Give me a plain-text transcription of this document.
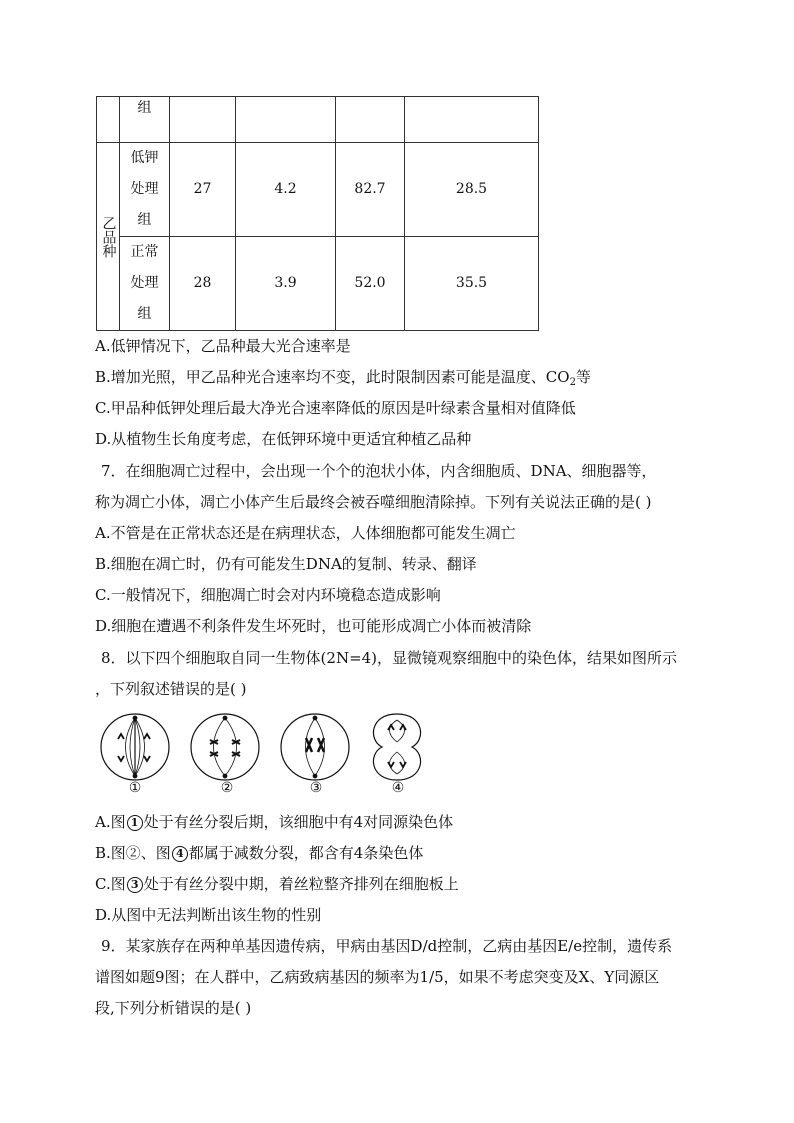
	组				
乙品种	低钾
处理
组	27	4.2	82.7	28.5

	正常
处理
组	28	3.9	52.0	35.5
A.低钾情况下，乙品种最大光合速率是
B.增加光照，甲乙品种光合速率均不变，此时限制因素可能是温度、$CO_2$等
C.甲品种低钾处理后最大净光合速率降低的原因是叶绿素含量相对值降低
D.从植物生长角度考虑，在低钾环境中更适宜种植乙品种
7．在细胞凋亡过程中，会出现一个个的泡状小体，内含细胞质、DNA、细胞器等，
称为凋亡小体，凋亡小体产生后最终会被吞噬细胞清除掉。下列有关说法正确的是( )
A.不管是在正常状态还是在病理状态，人体细胞都可能发生凋亡
B.细胞在凋亡时，仍有可能发生DNA的复制、转录、翻译
C.一般情况下，细胞凋亡时会对内环境稳态造成影响
D.细胞在遭遇不利条件发生坏死时，也可能形成凋亡小体而被清除
8．以下四个细胞取自同一生物体(2N=4)，显微镜观察细胞中的染色体，结果如图所示
，下列叙述错误的是( )
①	②	③	④
A.图 1 处于有丝分裂后期，该细胞中有4对同源染色体
B.图②、图 4 都属于减数分裂，都含有4条染色体
C.图 3 处于有丝分裂中期，着丝粒整齐排列在细胞板上
D.从图中无法判断出该生物的性别
9．某家族存在两种单基因遗传病，甲病由基因D/d控制，乙病由基因E/e控制，遗传系
谱图如题9图；在人群中，乙病致病基因的频率为1/5，如果不考虑突变及X、Y同源区
段,下列分析错误的是( )
